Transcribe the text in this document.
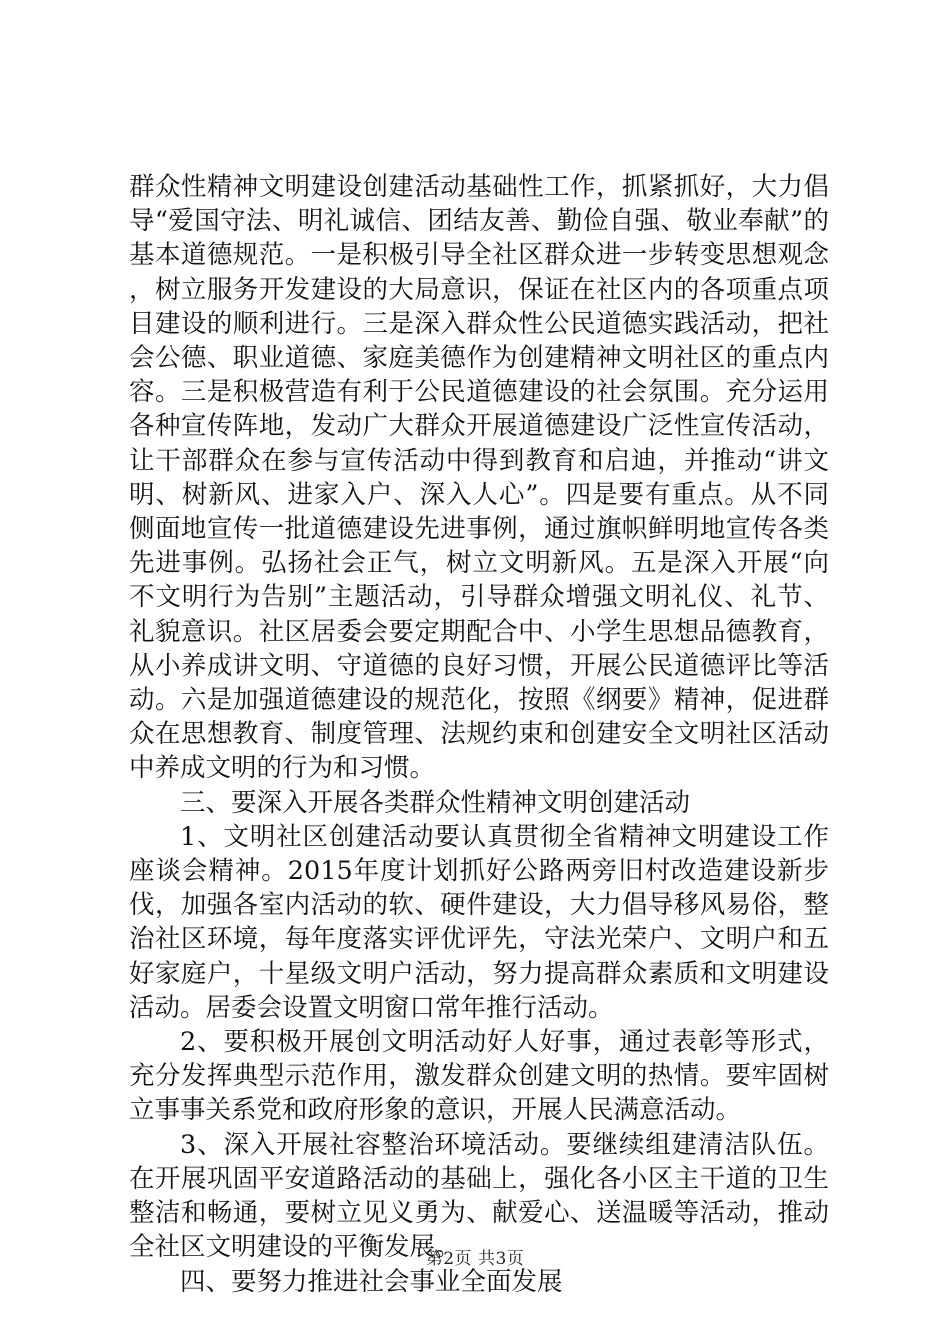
群众性精神文明建设创建活动基础性工作，抓紧抓好，大力倡导“爱国守法、明礼诚信、团结友善、勤俭自强、敬业奉献”的基本道德规范。一是积极引导全社区群众进一步转变思想观念，树立服务开发建设的大局意识，保证在社区内的各项重点项目建设的顺利进行。三是深入群众性公民道德实践活动，把社会公德、职业道德、家庭美德作为创建精神文明社区的重点内容。三是积极营造有利于公民道德建设的社会氛围。充分运用各种宣传阵地，发动广大群众开展道德建设广泛性宣传活动，让干部群众在参与宣传活动中得到教育和启迪，并推动“讲文明、树新风、进家入户、深入人心”。四是要有重点。从不同侧面地宣传一批道德建设先进事例，通过旗帜鲜明地宣传各类先进事例。弘扬社会正气，树立文明新风。五是深入开展“向不文明行为告别”主题活动，引导群众增强文明礼仪、礼节、礼貌意识。社区居委会要定期配合中、小学生思想品德教育，从小养成讲文明、守道德的良好习惯，开展公民道德评比等活动。六是加强道德建设的规范化，按照《纲要》精神，促进群众在思想教育、制度管理、法规约束和创建安全文明社区活动中养成文明的行为和习惯。

三、要深入开展各类群众性精神文明创建活动

1、文明社区创建活动要认真贯彻全省精神文明建设工作座谈会精神。2015年度计划抓好公路两旁旧村改造建设新步伐，加强各室内活动的软、硬件建设，大力倡导移风易俗，整治社区环境，每年度落实评优评先，守法光荣户、文明户和五好家庭户，十星级文明户活动，努力提高群众素质和文明建设活动。居委会设置文明窗口常年推行活动。

2、要积极开展创文明活动好人好事，通过表彰等形式，充分发挥典型示范作用，激发群众创建文明的热情。要牢固树立事事关系党和政府形象的意识，开展人民满意活动。

3、深入开展社容整治环境活动。要继续组建清洁队伍。在开展巩固平安道路活动的基础上，强化各小区主干道的卫生整洁和畅通，要树立见义勇为、献爱心、送温暖等活动，推动全社区文明建设的平衡发展。

四、要努力推进社会事业全面发展

第2页 共3页
